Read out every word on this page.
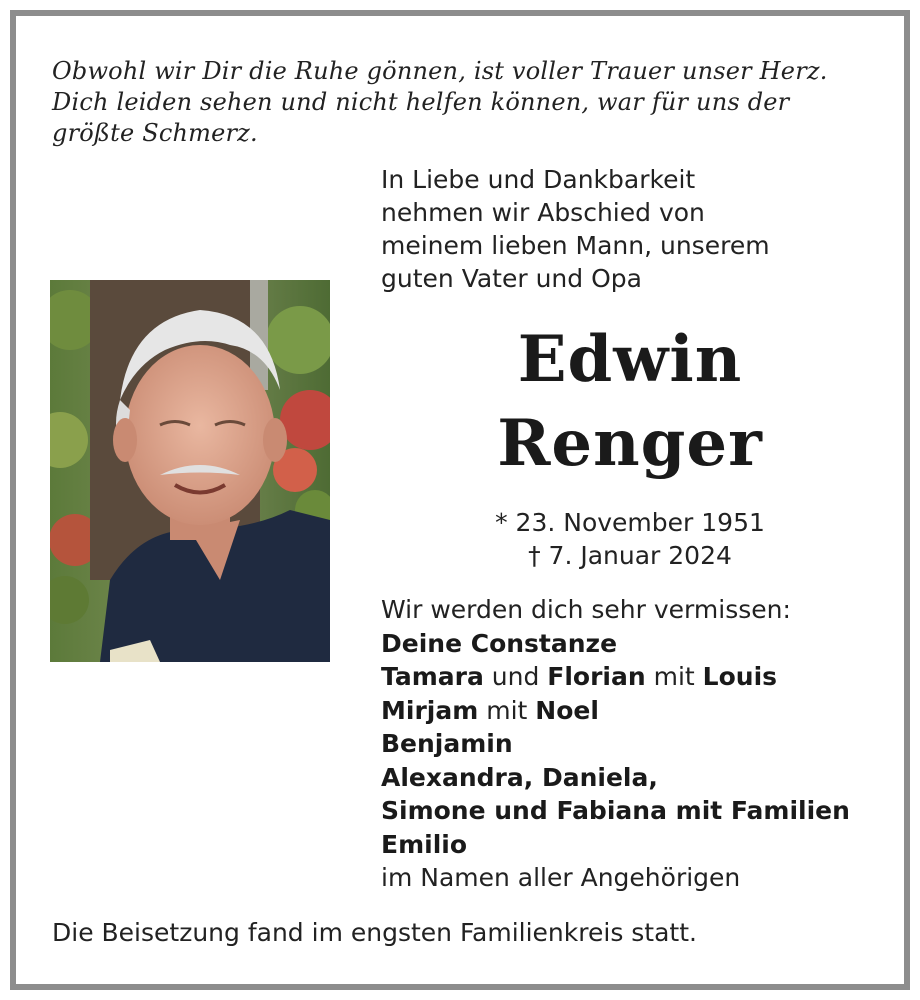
Obwohl wir Dir die Ruhe gönnen, ist voller Trauer unser Herz.
Dich leiden sehen und nicht helfen können, war für uns der
größte Schmerz.
In Liebe und Dankbarkeit
nehmen wir Abschied von
meinem lieben Mann, unserem
guten Vater und Opa
Edwin
Renger
* 23. November 1951
† 7. Januar 2024
Wir werden dich sehr vermissen:
Deine Constanze
Tamara und Florian mit Louis
Mirjam mit Noel
Benjamin
Alexandra, Daniela,
Simone und Fabiana mit Familien
Emilio
im Namen aller Angehörigen
Die Beisetzung fand im engsten Familienkreis statt.
